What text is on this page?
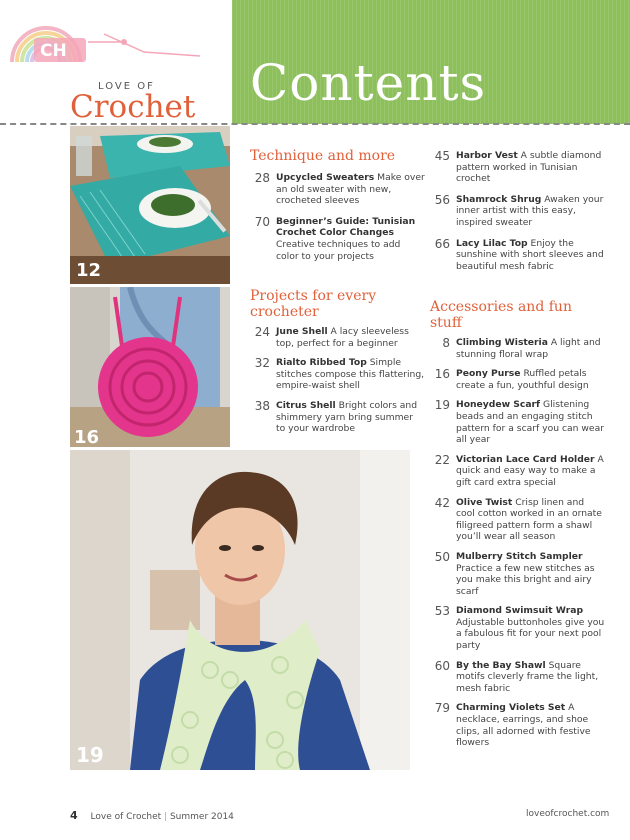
Contents
CH
LOVE OF
Crochet
12
16
19
Technique and more
28 Upcycled Sweaters Make over an old sweater with new, crocheted sleeves
70 Beginner’s Guide: Tunisian Crochet Color Changes Creative techniques to add color to your projects
Projects for every crocheter
24 June Shell A lacy sleeveless top, perfect for a beginner
32 Rialto Ribbed Top Simple stitches compose this flattering, empire-waist shell
38 Citrus Shell Bright colors and shimmery yarn bring summer to your wardrobe
45 Harbor Vest A subtle diamond pattern worked in Tunisian crochet
56 Shamrock Shrug Awaken your inner artist with this easy, inspired sweater
66 Lacy Lilac Top Enjoy the sunshine with short sleeves and beautiful mesh fabric
Accessories and fun stuff
8 Climbing Wisteria A light and stunning floral wrap
16 Peony Purse Ruffled petals create a fun, youthful design
19 Honeydew Scarf Glistening beads and an engaging stitch pattern for a scarf you can wear all year
22 Victorian Lace Card Holder A quick and easy way to make a gift card extra special
42 Olive Twist Crisp linen and cool cotton worked in an ornate filigreed pattern form a shawl you’ll wear all season
50 Mulberry Stitch Sampler Practice a few new stitches as you make this bright and airy scarf
53 Diamond Swimsuit Wrap Adjustable buttonholes give you a fabulous fit for your next pool party
60 By the Bay Shawl Square motifs cleverly frame the light, mesh fabric
79 Charming Violets Set A necklace, earrings, and shoe clips, all adorned with festive flowers
4 Love of Crochet | Summer 2014	loveofcrochet.com
